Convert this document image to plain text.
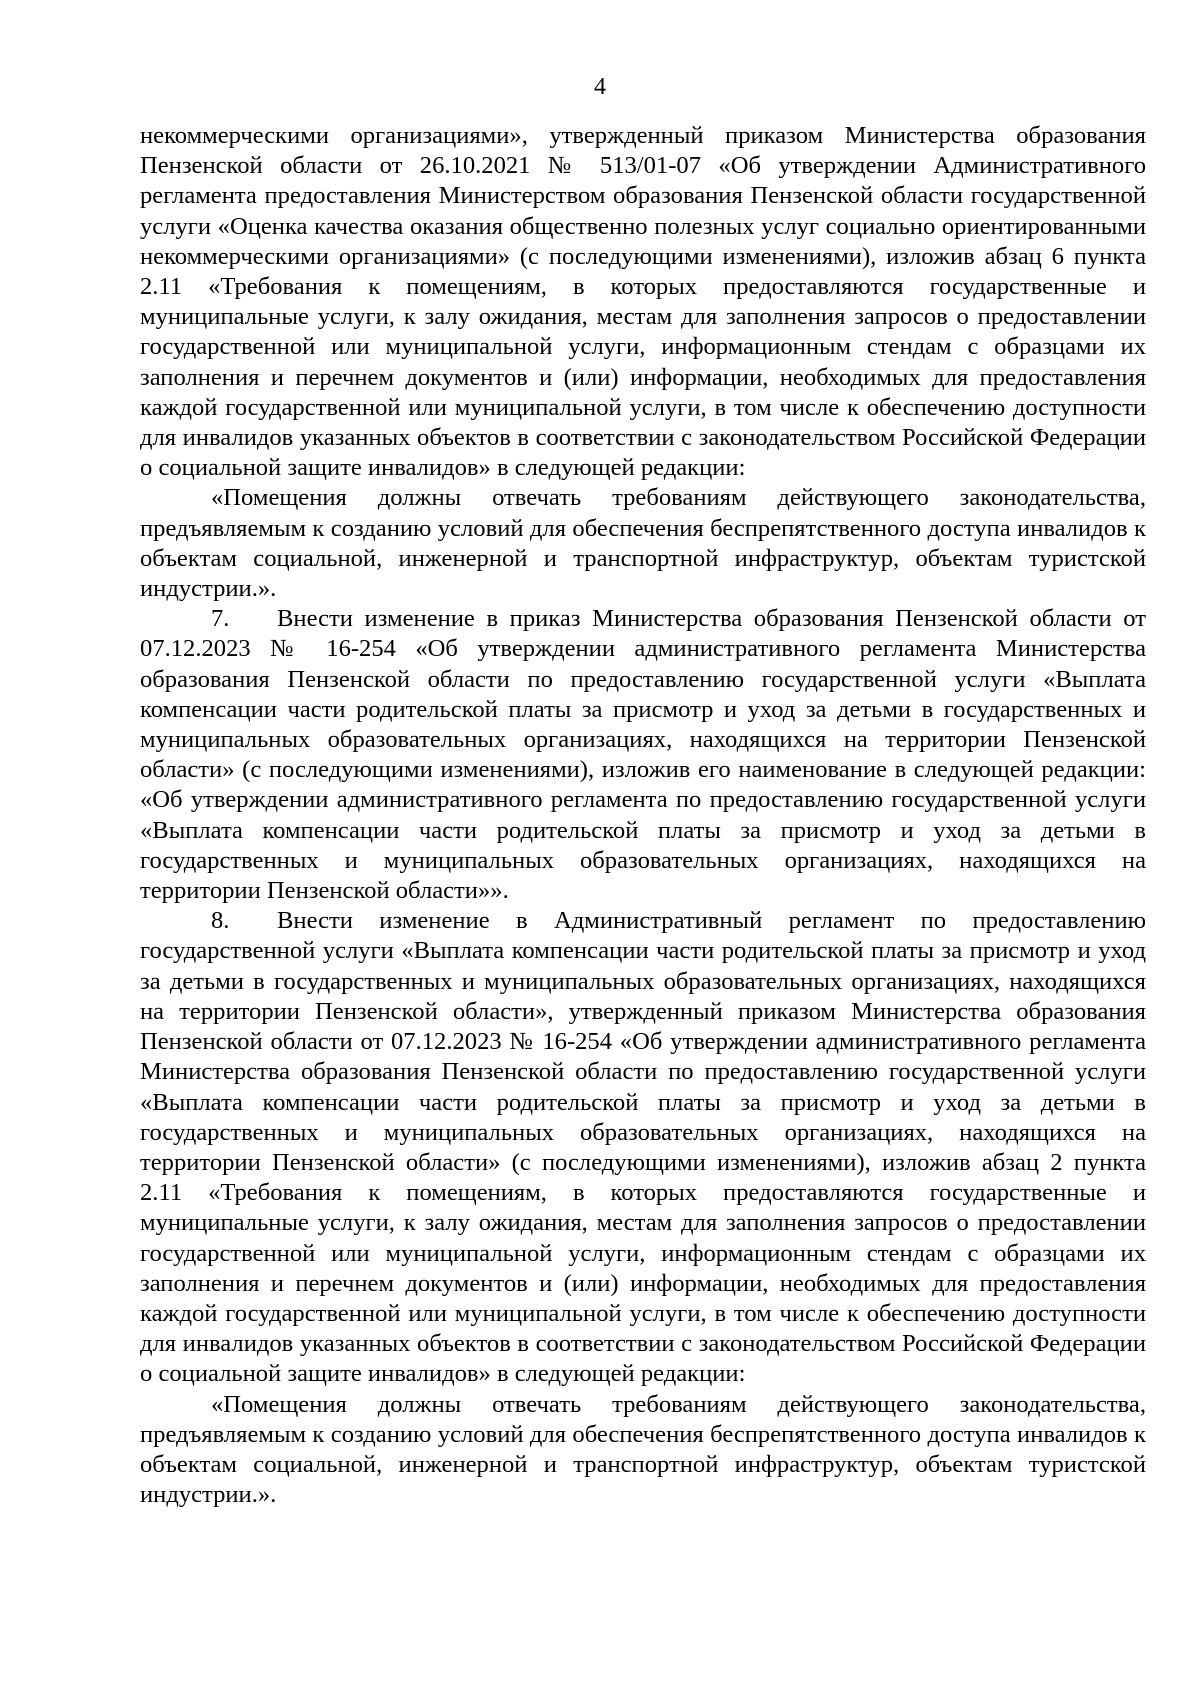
4

некоммерческими организациями», утвержденный приказом Министерства образования Пензенской области от 26.10.2021 № 513/01-07 «Об утверждении Административного регламента предоставления Министерством образования Пензенской области государственной услуги «Оценка качества оказания общественно полезных услуг социально ориентированными некоммерческими организациями» (с последующими изменениями), изложив абзац 6 пункта 2.11 «Требования к помещениям, в которых предоставляются государственные и муниципальные услуги, к залу ожидания, местам для заполнения запросов о предоставлении государственной или муниципальной услуги, информационным стендам с образцами их заполнения и перечнем документов и (или) информации, необходимых для предоставления каждой государственной или муниципальной услуги, в том числе к обеспечению доступности для инвалидов указанных объектов в соответствии с законодательством Российской Федерации о социальной защите инвалидов» в следующей редакции:

«Помещения должны отвечать требованиям действующего законодательства, предъявляемым к созданию условий для обеспечения беспрепятственного доступа инвалидов к объектам социальной, инженерной и транспортной инфраструктур, объектам туристской индустрии.».

7. Внести изменение в приказ Министерства образования Пензенской области от 07.12.2023 № 16-254 «Об утверждении административного регламента Министерства образования Пензенской области по предоставлению государственной услуги «Выплата компенсации части родительской платы за присмотр и уход за детьми в государственных и муниципальных образовательных организациях, находящихся на территории Пензенской области» (с последующими изменениями), изложив его наименование в следующей редакции: «Об утверждении административного регламента по предоставлению государственной услуги «Выплата компенсации части родительской платы за присмотр и уход за детьми в государственных и муниципальных образовательных организациях, находящихся на территории Пензенской области»».

8. Внести изменение в Административный регламент по предоставлению государственной услуги «Выплата компенсации части родительской платы за присмотр и уход за детьми в государственных и муниципальных образовательных организациях, находящихся на территории Пензенской области», утвержденный приказом Министерства образования Пензенской области от 07.12.2023 № 16-254 «Об утверждении административного регламента Министерства образования Пензенской области по предоставлению государственной услуги «Выплата компенсации части родительской платы за присмотр и уход за детьми в государственных и муниципальных образовательных организациях, находящихся на территории Пензенской области» (с последующими изменениями), изложив абзац 2 пункта 2.11 «Требования к помещениям, в которых предоставляются государственные и муниципальные услуги, к залу ожидания, местам для заполнения запросов о предоставлении государственной или муниципальной услуги, информационным стендам с образцами их заполнения и перечнем документов и (или) информации, необходимых для предоставления каждой государственной или муниципальной услуги, в том числе к обеспечению доступности для инвалидов указанных объектов в соответствии с законодательством Российской Федерации о социальной защите инвалидов» в следующей редакции:

«Помещения должны отвечать требованиям действующего законодательства, предъявляемым к созданию условий для обеспечения беспрепятственного доступа инвалидов к объектам социальной, инженерной и транспортной инфраструктур, объектам туристской индустрии.».
